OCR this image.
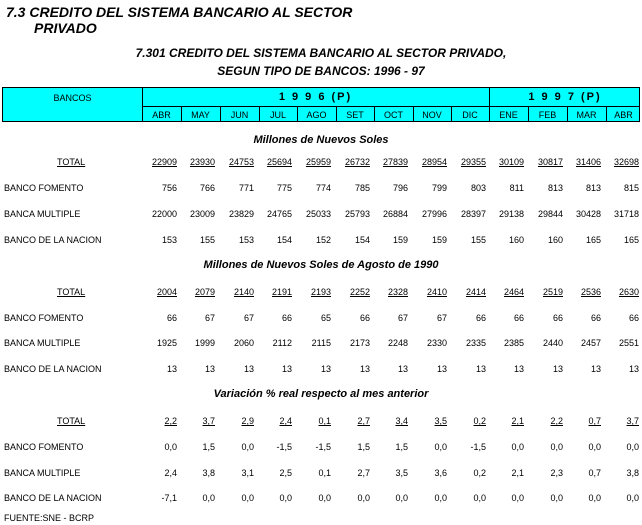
7.3 CREDITO DEL SISTEMA BANCARIO AL SECTOR
PRIVADO
7.301 CREDITO DEL SISTEMA BANCARIO AL SECTOR PRIVADO,
SEGUN TIPO DE BANCOS: 1996 - 97
BANCOS	1 9 9 6 (P)	1 9 9 7 (P)
ABR	MAY	JUN	JUL	AGO	SET	OCT	NOV	DIC	ENE	FEB	MAR	ABR
Millones de Nuevos Soles
TOTAL	22909	23930	24753	25694	25959	26732	27839	28954	29355	30109	30817	31406	32698
BANCO FOMENTO	756	766	771	775	774	785	796	799	803	811	813	813	815
BANCA MULTIPLE	22000	23009	23829	24765	25033	25793	26884	27996	28397	29138	29844	30428	31718
BANCO DE LA NACION	153	155	153	154	152	154	159	159	155	160	160	165	165
Millones de Nuevos Soles de Agosto de 1990
TOTAL	2004	2079	2140	2191	2193	2252	2328	2410	2414	2464	2519	2536	2630
BANCO FOMENTO	66	67	67	66	65	66	67	67	66	66	66	66	66
BANCA MULTIPLE	1925	1999	2060	2112	2115	2173	2248	2330	2335	2385	2440	2457	2551
BANCO DE LA NACION	13	13	13	13	13	13	13	13	13	13	13	13	13
Variación % real respecto al mes anterior
TOTAL	2,2	3,7	2,9	2,4	0,1	2,7	3,4	3,5	0,2	2,1	2,2	0,7	3,7
BANCO FOMENTO	0,0	1,5	0,0	-1,5	-1,5	1,5	1,5	0,0	-1,5	0,0	0,0	0,0	0,0
BANCA MULTIPLE	2,4	3,8	3,1	2,5	0,1	2,7	3,5	3,6	0,2	2,1	2,3	0,7	3,8
BANCO DE LA NACION	-7,1	0,0	0,0	0,0	0,0	0,0	0,0	0,0	0,0	0,0	0,0	0,0	0,0
FUENTE:SNE - BCRP
